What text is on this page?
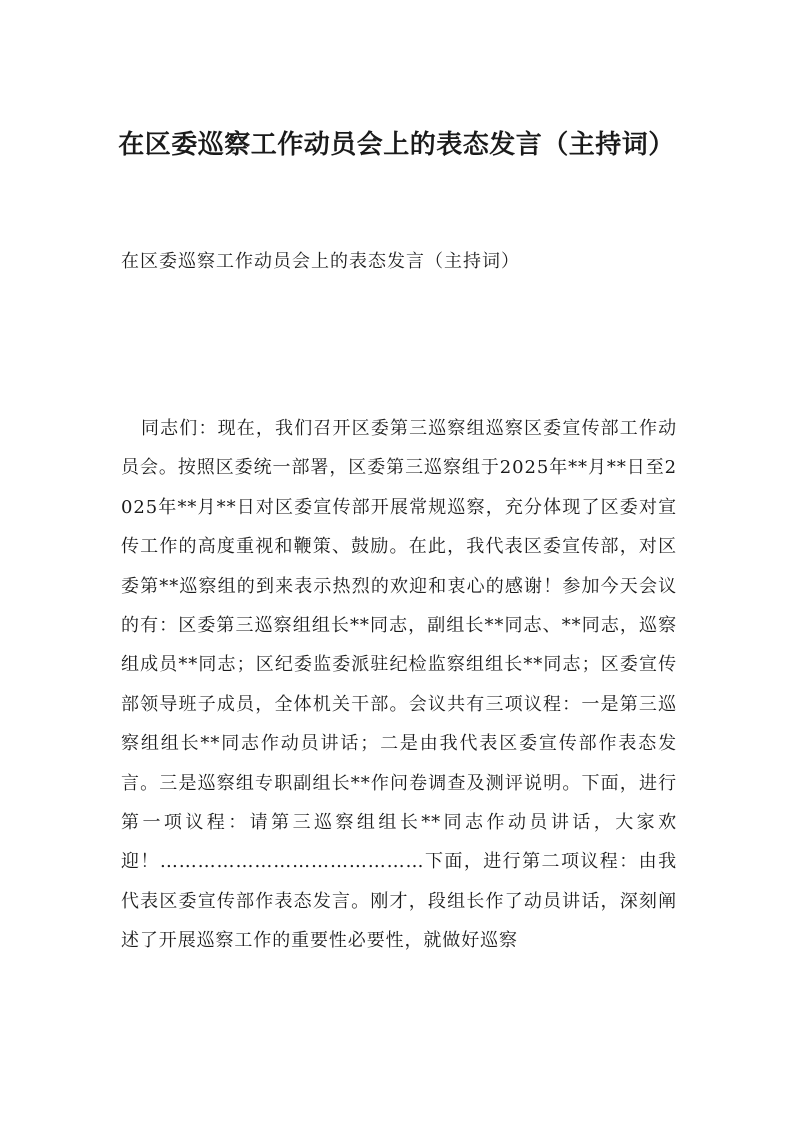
在区委巡察工作动员会上的表态发言（主持词）

在区委巡察工作动员会上的表态发言（主持词）

同志们：现在，我们召开区委第三巡察组巡察区委宣传部工作动员会。按照区委统一部署，区委第三巡察组于2025年**月**日至2025年**月**日对区委宣传部开展常规巡察，充分体现了区委对宣传工作的高度重视和鞭策、鼓励。在此，我代表区委宣传部，对区委第**巡察组的到来表示热烈的欢迎和衷心的感谢！参加今天会议的有：区委第三巡察组组长**同志，副组长**同志、**同志，巡察组成员**同志；区纪委监委派驻纪检监察组组长**同志；区委宣传部领导班子成员，全体机关干部。会议共有三项议程：一是第三巡察组组长**同志作动员讲话；二是由我代表区委宣传部作表态发言。三是巡察组专职副组长**作问卷调查及测评说明。下面，进行第一项议程：请第三巡察组组长**同志作动员讲话，大家欢迎！……………………………………下面，进行第二项议程：由我代表区委宣传部作表态发言。刚才，段组长作了动员讲话，深刻阐述了开展巡察工作的重要性必要性，就做好巡察
